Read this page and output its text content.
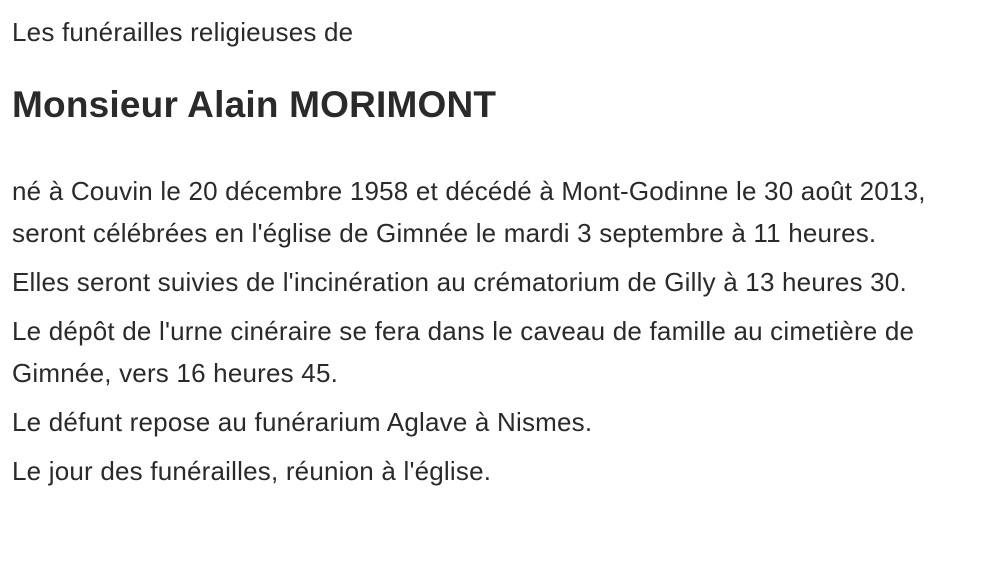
Les funérailles religieuses de

Monsieur Alain MORIMONT

né à Couvin le 20 décembre 1958 et décédé à Mont-Godinne le 30 août 2013, seront célébrées en l'église de Gimnée le mardi 3 septembre à 11 heures.

Elles seront suivies de l'incinération au crématorium de Gilly à 13 heures 30.

Le dépôt de l'urne cinéraire se fera dans le caveau de famille au cimetière de Gimnée, vers 16 heures 45.

Le défunt repose au funérarium Aglave à Nismes.

Le jour des funérailles, réunion à l'église.
